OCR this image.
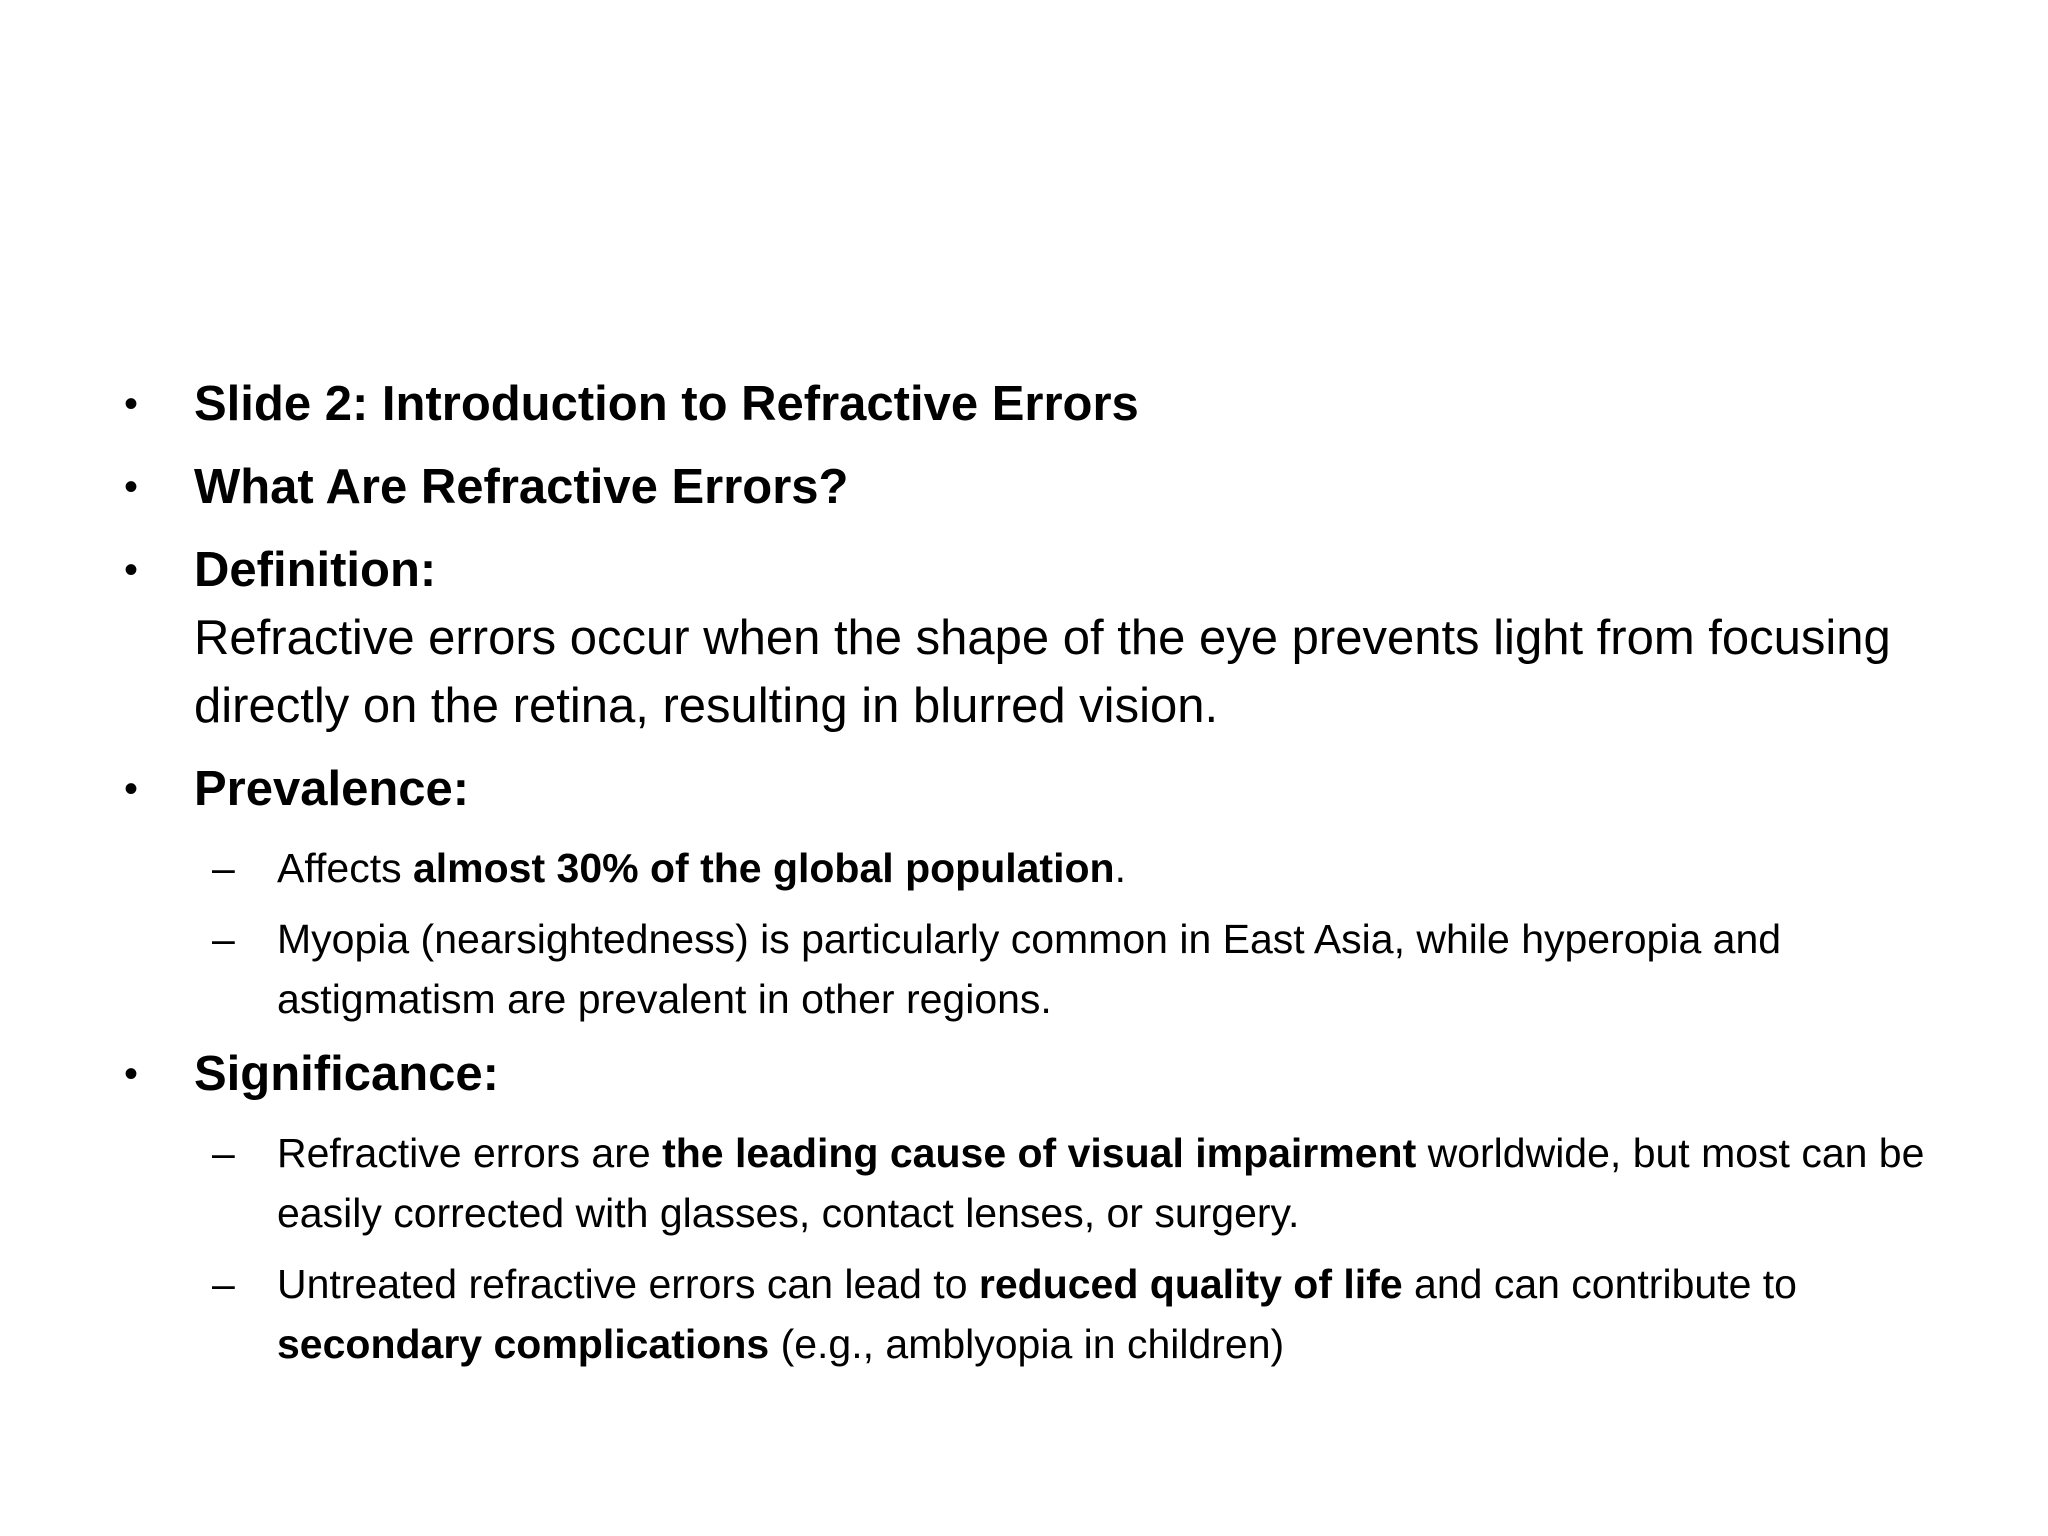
• Slide 2: Introduction to Refractive Errors
• What Are Refractive Errors?
• Definition:
Refractive errors occur when the shape of the eye prevents light from focusing directly on the retina, resulting in blurred vision.
• Prevalence:
– Affects almost 30% of the global population.
– Myopia (nearsightedness) is particularly common in East Asia, while hyperopia and astigmatism are prevalent in other regions.
• Significance:
– Refractive errors are the leading cause of visual impairment worldwide, but most can be easily corrected with glasses, contact lenses, or surgery.
– Untreated refractive errors can lead to reduced quality of life and can contribute to secondary complications (e.g., amblyopia in children)
